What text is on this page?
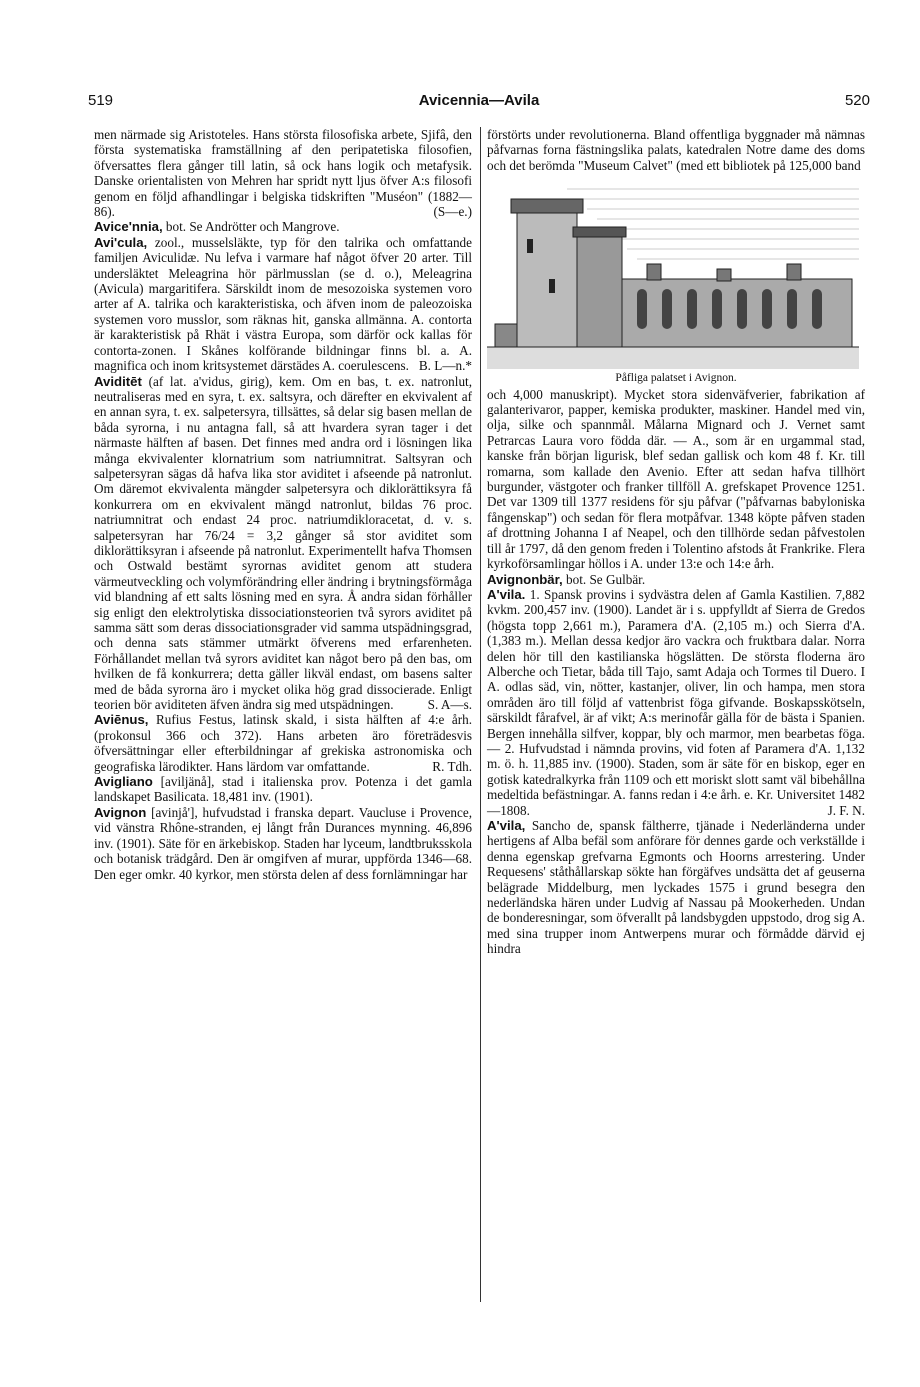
519	Avicennia—Avila	520

men närmade sig Aristoteles. Hans största filosofiska arbete, Sjifâ, den första systematiska framställning af den peripatetiska filosofien, öfversattes flera gånger till latin, så ock hans logik och metafysik. Danske orientalisten von Mehren har spridt nytt ljus öfver A:s filosofi genom en följd afhandlingar i belgiska tidskriften "Muséon" (1882—86).	(S—e.)

Avice'nnia, bot. Se Andrötter och Mangrove.

Avi'cula, zool., musselsläkte, typ för den talrika och omfattande familjen Aviculidæ. Nu lefva i varmare haf något öfver 20 arter. Till undersläktet Meleagrina hör pärlmusslan (se d. o.), Meleagrina (Avicula) margaritifera. Särskildt inom de mesozoiska systemen voro arter af A. talrika och karakteristiska, och äfven inom de paleozoiska systemen voro musslor, som räknas hit, ganska allmänna. A. contorta är karakteristisk på Rhät i västra Europa, som därför ock kallas för contorta-zonen. I Skånes kolförande bildningar finns bl. a. A. magnifica och inom kritsystemet därstädes A. coerulescens. B. L—n.*

Aviditēt (af lat. a'vidus, girig), kem. Om en bas, t. ex. natronlut, neutraliseras med en syra, t. ex. saltsyra, och därefter en ekvivalent af en annan syra, t. ex. salpetersyra, tillsättes, så delar sig basen mellan de båda syrorna, i nu antagna fall, så att hvardera syran tager i det närmaste hälften af basen. Det finnes med andra ord i lösningen lika många ekvivalenter klornatrium som natriumnitrat. Saltsyran och salpetersyran sägas då hafva lika stor aviditet i afseende på natronlut. Om däremot ekvivalenta mängder salpetersyra och diklorättiksyra få konkurrera om en ekvivalent mängd natronlut, bildas 76 proc. natriumnitrat och endast 24 proc. natriumdikloracetat, d. v. s. salpetersyran har 76/24 = 3,2 gånger så stor aviditet som diklorättiksyran i afseende på natronlut. Experimentellt hafva Thomsen och Ostwald bestämt syrornas aviditet genom att studera värmeutveckling och volymförändring eller ändring i brytningsförmåga vid blandning af ett salts lösning med en syra. Å andra sidan förhåller sig enligt den elektrolytiska dissociationsteorien två syrors aviditet på samma sätt som deras dissociationsgrader vid samma utspädningsgrad, och denna sats stämmer utmärkt öfverens med erfarenheten. Förhållandet mellan två syrors aviditet kan något bero på den bas, om hvilken de få konkurrera; detta gäller likväl endast, om basens salter med de båda syrorna äro i mycket olika hög grad dissocierade. Enligt teorien bör aviditeten äfven ändra sig med utspädningen.	S. A—s.

Aviēnus, Rufius Festus, latinsk skald, i sista hälften af 4:e årh. (prokonsul 366 och 372). Hans arbeten äro företrädesvis öfversättningar eller efterbildningar af grekiska astronomiska och geografiska lärodikter. Hans lärdom var omfattande.	R. Tdh.

Avigliano [aviljänå], stad i italienska prov. Potenza i det gamla landskapet Basilicata. 18,481 inv. (1901).

Avignon [avinjå'], hufvudstad i franska depart. Vaucluse i Provence, vid vänstra Rhône-stranden, ej långt från Durances mynning. 46,896 inv. (1901). Säte för en ärkebiskop. Staden har lyceum, landtbruksskola och botanisk trädgård. Den är omgifven af murar, uppförda 1346—68. Den eger omkr. 40 kyrkor, men största delen af dess fornlämningar har

förstörts under revolutionerna. Bland offentliga byggnader må nämnas påfvarnas forna fästningslika palats, katedralen Notre dame des doms och det berömda "Museum Calvet" (med ett bibliotek på 125,000 band

Påfliga palatset i Avignon.

och 4,000 manuskript). Mycket stora sidenväfverier, fabrikation af galanterivaror, papper, kemiska produkter, maskiner. Handel med vin, olja, silke och spannmål. Målarna Mignard och J. Vernet samt Petrarcas Laura voro födda där. — A., som är en urgammal stad, kanske från början ligurisk, blef sedan gallisk och kom 48 f. Kr. till romarna, som kallade den Avenio. Efter att sedan hafva tillhört burgunder, västgoter och franker tillföll A. grefskapet Provence 1251. Det var 1309 till 1377 residens för sju påfvar ("påfvarnas babyloniska fångenskap") och sedan för flera motpåfvar. 1348 köpte påfven staden af drottning Johanna I af Neapel, och den tillhörde sedan påfvestolen till år 1797, då den genom freden i Tolentino afstods åt Frankrike. Flera kyrkoförsamlingar höllos i A. under 13:e och 14:e årh.

Avignonbär, bot. Se Gulbär.

A'vila. 1. Spansk provins i sydvästra delen af Gamla Kastilien. 7,882 kvkm. 200,457 inv. (1900). Landet är i s. uppfylldt af Sierra de Gredos (högsta topp 2,661 m.), Paramera d'A. (2,105 m.) och Sierra d'A. (1,383 m.). Mellan dessa kedjor äro vackra och fruktbara dalar. Norra delen hör till den kastilianska högslätten. De största floderna äro Alberche och Tietar, båda till Tajo, samt Adaja och Tormes til Duero. I A. odlas säd, vin, nötter, kastanjer, oliver, lin och hampa, men stora områden äro till följd af vattenbrist föga gifvande. Boskapsskötseln, särskildt fårafvel, är af vikt; A:s merinofår gälla för de bästa i Spanien. Bergen innehålla silfver, koppar, bly och marmor, men bearbetas föga. — 2. Hufvudstad i nämnda provins, vid foten af Paramera d'A. 1,132 m. ö. h. 11,885 inv. (1900). Staden, som är säte för en biskop, eger en gotisk katedralkyrka från 1109 och ett moriskt slott samt väl bibehållna medeltida befästningar. A. fanns redan i 4:e årh. e. Kr. Universitet 1482—1808.	J. F. N.

A'vila, Sancho de, spansk fältherre, tjänade i Nederländerna under hertigens af Alba befäl som anförare för dennes garde och verkställde i denna egenskap grefvarna Egmonts och Hoorns arrestering. Under Requesens' ståthållarskap sökte han förgäfves undsätta det af geuserna belägrade Middelburg, men lyckades 1575 i grund besegra den nederländska hären under Ludvig af Nassau på Mookerheden. Undan de bonderesningar, som öfverallt på landsbygden uppstodo, drog sig A. med sina trupper inom Antwerpens murar och förmådde därvid ej hindra
